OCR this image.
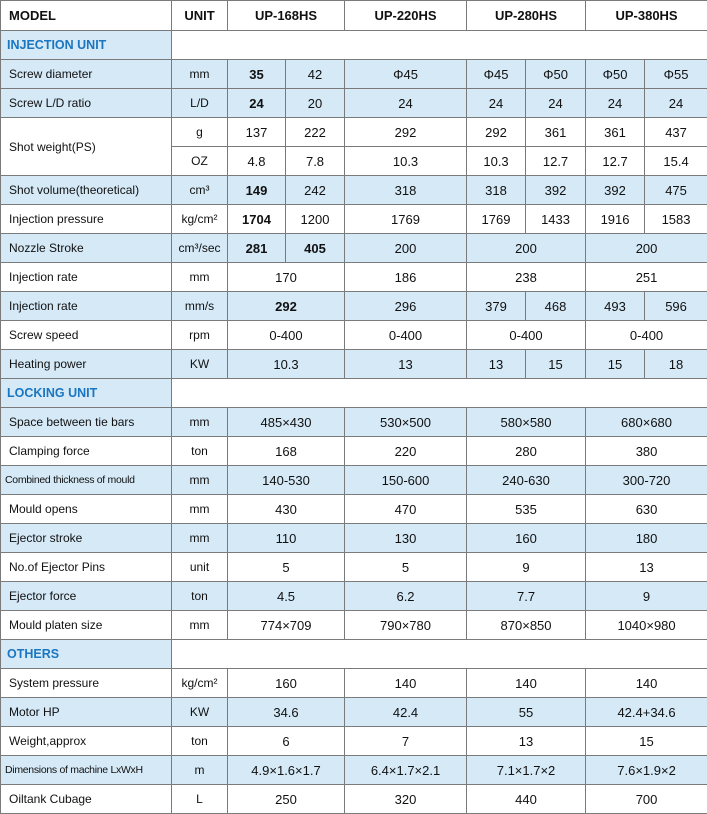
MODEL	UNIT	UP-168HS		UP-220HS	UP-280HS		UP-380HS	
INJECTION UNIT								
Screw diameter	mm	35	42	Φ45	Φ45	Φ50	Φ50	Φ55
Screw L/D ratio	L/D	24	20	24	24	24	24	24
Shot weight(PS)	g	137	222	292	292	361	361	437
	OZ	4.8	7.8	10.3	10.3	12.7	12.7	15.4
Shot volume(theoretical)	cm³	149	242	318	318	392	392	475
Injection pressure	kg/cm²	1704	1200	1769	1769	1433	1916	1583
Nozzle Stroke	cm³/sec	281	405	200	200		200	
Injection rate	mm	170		186	238		251	
Injection rate	mm/s	292		296	379	468	493	596
Screw speed	rpm	0-400		0-400	0-400		0-400	
Heating power	KW	10.3		13	13	15	15	18
LOCKING UNIT								
Space between tie bars	mm	485×430		530×500	580×580		680×680	
Clamping force	ton	168		220	280		380	
Combined thickness of mould	mm	140-530		150-600	240-630		300-720	
Mould opens	mm	430		470	535		630	
Ejector stroke	mm	110		130	160		180	
No.of Ejector Pins	unit	5		5	9		13	
Ejector force	ton	4.5		6.2	7.7		9	
Mould platen size	mm	774×709		790×780	870×850		1040×980	
OTHERS								
System pressure	kg/cm²	160		140	140		140	
Motor HP	KW	34.6		42.4	55		42.4+34.6	
Weight,approx	ton	6		7	13		15	
Dimensions of machine LxWxH	m	4.9×1.6×1.7		6.4×1.7×2.1	7.1×1.7×2		7.6×1.9×2	
Oiltank Cubage	L	250		320	440		700	
